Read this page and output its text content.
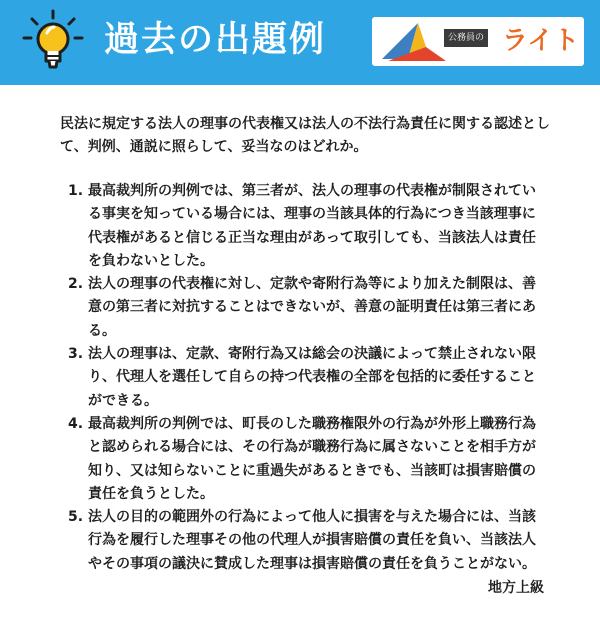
過去の出題例	公務員の ライト

民法に規定する法人の理事の代表権又は法人の不法行為責任に関する認述として、判例、通説に照らして、妥当なのはどれか。

1. 最高裁判所の判例では、第三者が、法人の理事の代表権が制限されている事実を知っている場合には、理事の当該具体的行為につき当該理事に代表権があると信じる正当な理由があって取引しても、当該法人は責任を負わないとした。
2. 法人の理事の代表権に対し、定款や寄附行為等により加えた制限は、善意の第三者に対抗することはできないが、善意の証明責任は第三者にある。
3. 法人の理事は、定款、寄附行為又は総会の決議によって禁止されない限り、代理人を選任して自らの持つ代表権の全部を包括的に委任することができる。
4. 最高裁判所の判例では、町長のした職務権限外の行為が外形上職務行為と認められる場合には、その行為が職務行為に属さないことを相手方が知り、又は知らないことに重過失があるときでも、当該町は損害賠償の責任を負うとした。
5. 法人の目的の範囲外の行為によって他人に損害を与えた場合には、当該行為を履行した理事その他の代理人が損害賠償の責任を負い、当該法人やその事項の議決に賛成した理事は損害賠償の責任を負うことがない。
地方上級
